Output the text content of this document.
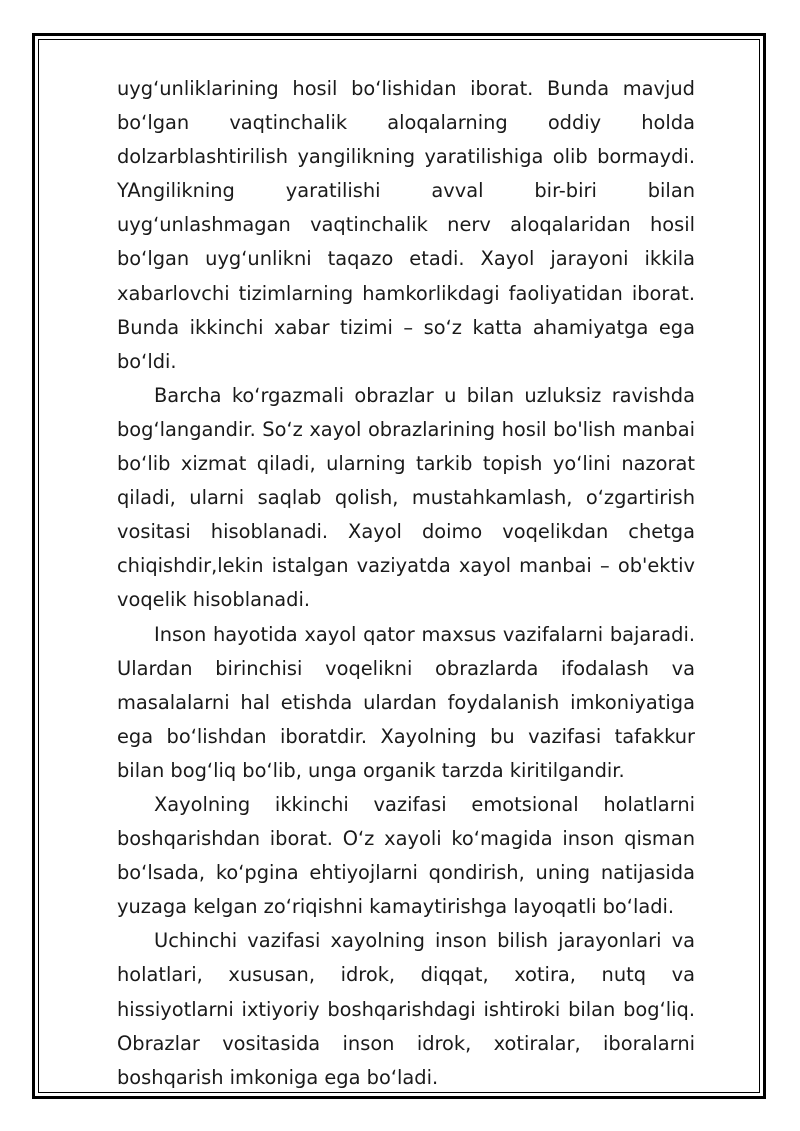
uygʻunliklarining hosil boʻlishidan iborat. Bunda mavjud boʻlgan vaqtinchalik aloqalarning oddiy holda dolzarblashtirilish yangilikning yaratilishiga olib bormaydi. YAngilikning yaratilishi avval bir-biri bilan uygʻunlashmagan vaqtinchalik nerv aloqalaridan hosil boʻlgan uygʻunlikni taqazo etadi. Xayol jarayoni ikkila xabarlovchi tizimlarning hamkorlikdagi faoliyatidan iborat. Bunda ikkinchi xabar tizimi – soʻz katta ahamiyatga ega boʻldi.

Barcha koʻrgazmali obrazlar u bilan uzluksiz ravishda bogʻlangandir. Soʻz xayol obrazlarining hosil bo'lish manbai boʻlib xizmat qiladi, ularning tarkib topish yoʻlini nazorat qiladi, ularni saqlab qolish, mustahkamlash, oʻzgartirish vositasi hisoblanadi. Xayol doimo voqelikdan chetga chiqishdir,lekin istalgan vaziyatda xayol manbai – ob'ektiv voqelik hisoblanadi.

Inson hayotida xayol qator maxsus vazifalarni bajaradi. Ulardan birinchisi voqelikni obrazlarda ifodalash va masalalarni hal etishda ulardan foydalanish imkoniyatiga ega boʻlishdan iboratdir. Xayolning bu vazifasi tafakkur bilan bogʻliq boʻlib, unga organik tarzda kiritilgandir.

Xayolning ikkinchi vazifasi emotsional holatlarni boshqarishdan iborat. Oʻz xayoli koʻmagida inson qisman boʻlsada, koʻpgina ehtiyojlarni qondirish, uning natijasida yuzaga kelgan zoʻriqishni kamaytirishga layoqatli boʻladi.

Uchinchi vazifasi xayolning inson bilish jarayonlari va holatlari, xususan, idrok, diqqat, xotira, nutq va hissiyotlarni ixtiyoriy boshqarishdagi ishtiroki bilan bogʻliq. Obrazlar vositasida inson idrok, xotiralar, iboralarni boshqarish imkoniga ega boʻladi.
